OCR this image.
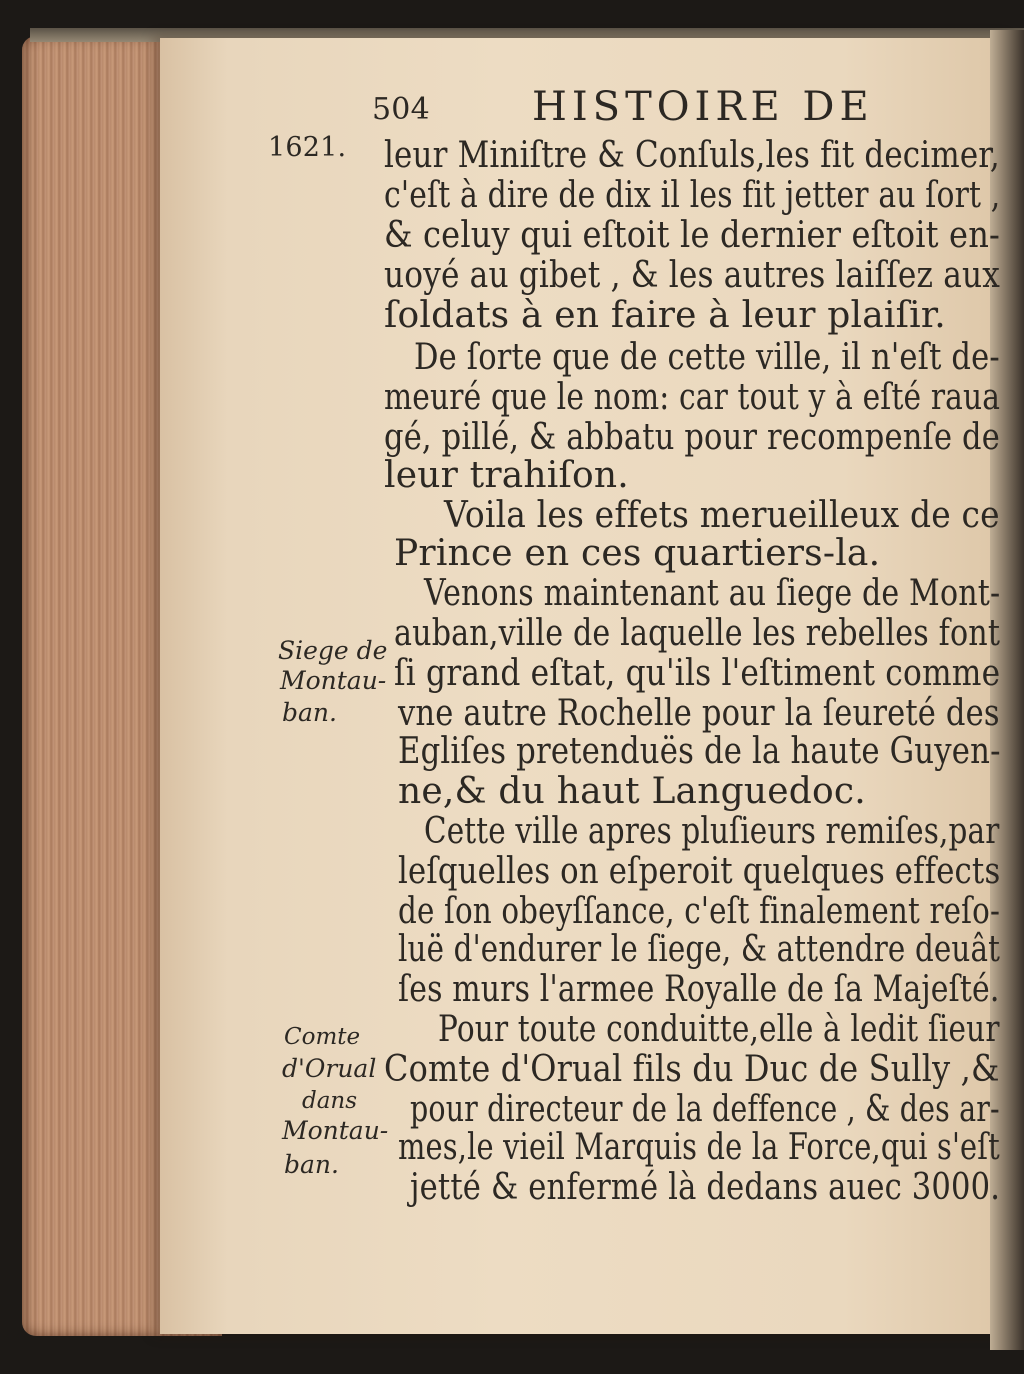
504	HISTOIRE DE
1621. leur Miniſtre & Conſuls,les fit decimer,
c'eſt à dire de dix il les fit jetter au ſort ,
& celuy qui eſtoit le dernier eſtoit en-
uoyé au gibet , & les autres laiſſez aux
ſoldats à en faire à leur plaiſir.
De ſorte que de cette ville, il n'eſt de-
meuré que le nom: car tout y à eſté raua
gé, pillé, & abbatu pour recompenſe de
leur trahiſon.
Voila les effets merueilleux de ce
Prince en ces quartiers-la.
Venons maintenant au ſiege de Mont-
auban,ville de laquelle les rebelles font
ſi grand eſtat, qu'ils l'eſtiment comme
vne autre Rochelle pour la ſeureté des
Egliſes pretenduës de la haute Guyen-
ne,& du haut Languedoc.
Cette ville apres pluſieurs remiſes,par
leſquelles on eſperoit quelques effects
de ſon obeyſſance, c'eſt finalement reſo-
luë d'endurer le ſiege, & attendre deuât
ſes murs l'armee Royalle de ſa Majeſté.
Pour toute conduitte,elle à ledit ſieur
Comte d'Orual fils du Duc de Sully ,&
pour directeur de la deffence , & des ar-
mes,le vieil Marquis de la Force,qui s'eſt
jetté & enfermé là dedans auec 3000.
Siege de
Montau-
ban.
Comte
d'Orual
dans
Montau-
ban.
